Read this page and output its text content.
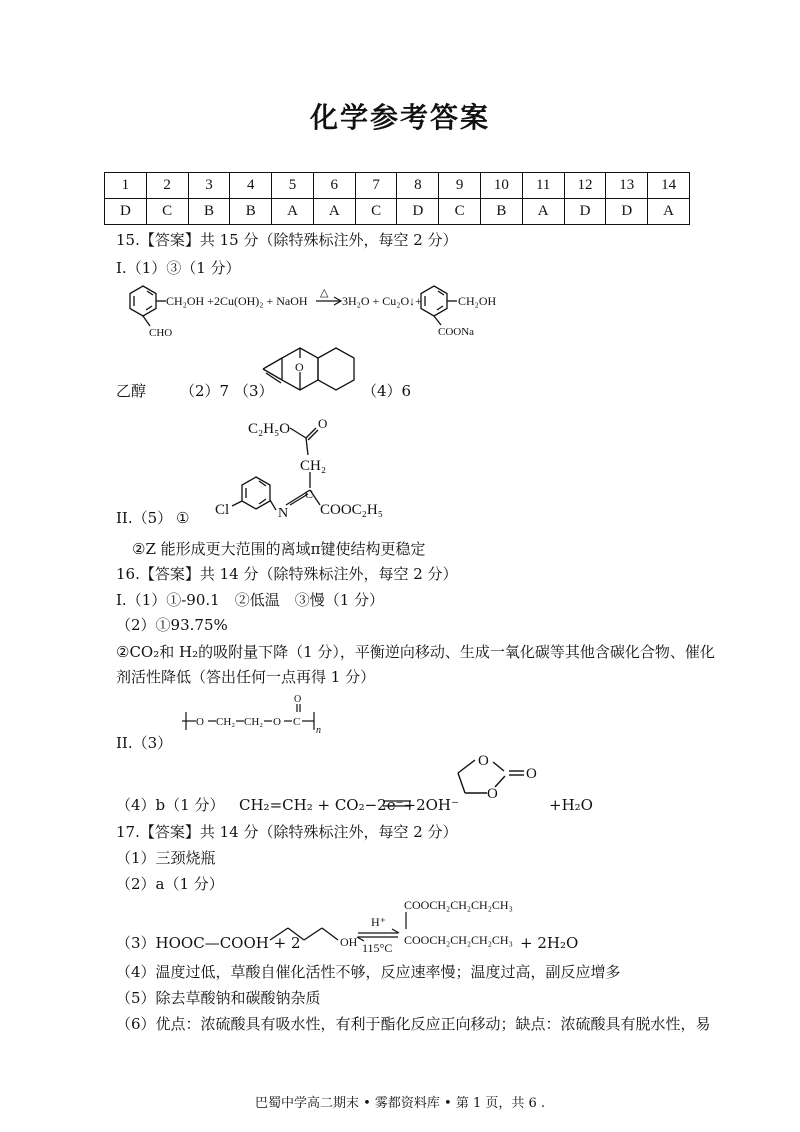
化学参考答案
1	2	3	4	5	6	7	8	9	10	11	12	13	14
D	C	B	B	A	A	C	D	C	B	A	D	D	A
15.【答案】共 15 分（除特殊标注外，每空 2 分）
I.（1）③（1 分）
CH₂OH +2Cu(OH)₂ + NaOH
CHO
△
3H₂O + Cu₂O↓+	CH₂OH
COONa
O
C₂H₅O O
CH₂
Cl	N
C
COOC₂H₅
乙醇 （2）7 （3）	（4）6
II.（5） ①
②Z 能形成更大范围的离域π键使结构更稳定
16.【答案】共 14 分（除特殊标注外，每空 2 分）
I.（1）①-90.1　②低温　③慢（1 分）
（2）①93.75%
②CO₂和 H₂的吸附量下降（1 分），平衡逆向移动、生成一氧化碳等其他含碳化合物、催化
剂活性降低（答出任何一点再得 1 分）
II.（3）
O CH₂ CH₂ O C
O
n
O
O
O
（4）b（1 分） CH₂=CH₂ + CO₂−2e⁻+2OH⁻	+H₂O
17.【答案】共 14 分（除特殊标注外，每空 2 分）
（1）三颈烧瓶
（2）a（1 分）
（3）HOOC—COOH + 2	OH
H⁺
115°C
COOCH₂CH₂CH₂CH₃
COOCH₂CH₂CH₂CH₃ + 2H₂O
（4）温度过低，草酸自催化活性不够，反应速率慢；温度过高，副反应增多
（5）除去草酸钠和碳酸钠杂质
（6）优点：浓硫酸具有吸水性，有利于酯化反应正向移动；缺点：浓硫酸具有脱水性，易
巴蜀中学高二期末 • 雾都资料库 • 第 1 页，共 6 .
